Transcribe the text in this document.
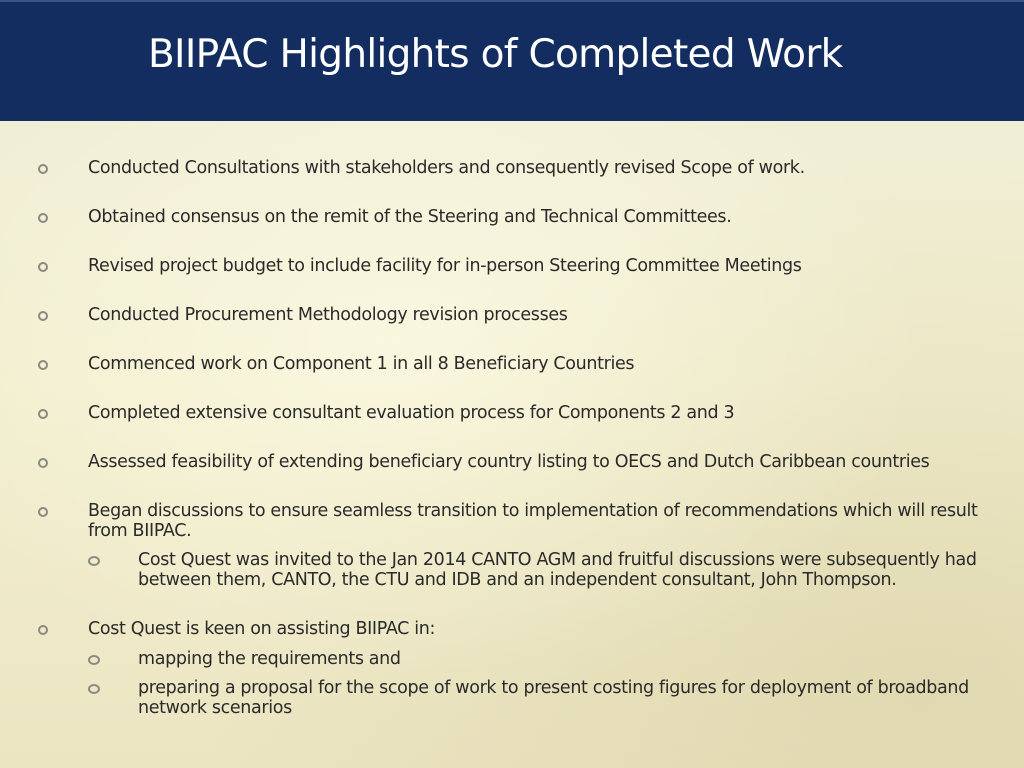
BIIPAC Highlights of Completed Work
Conducted Consultations with stakeholders and consequently revised Scope of work.
Obtained consensus on the remit of the Steering and Technical Committees.
Revised project budget to include facility for in-person Steering Committee Meetings
Conducted Procurement Methodology revision processes
Commenced work on Component 1 in all 8 Beneficiary Countries
Completed extensive consultant evaluation process for Components 2 and 3
Assessed feasibility of extending beneficiary country listing to OECS and Dutch Caribbean countries
Began discussions to ensure seamless transition to implementation of recommendations which will result from BIIPAC.
Cost Quest was invited to the Jan 2014 CANTO AGM and fruitful discussions were subsequently had between them, CANTO, the CTU and IDB and an independent consultant, John Thompson.
Cost Quest is keen on assisting BIIPAC in:
mapping the requirements and
preparing a proposal for the scope of work to present costing figures for deployment of broadband network scenarios
